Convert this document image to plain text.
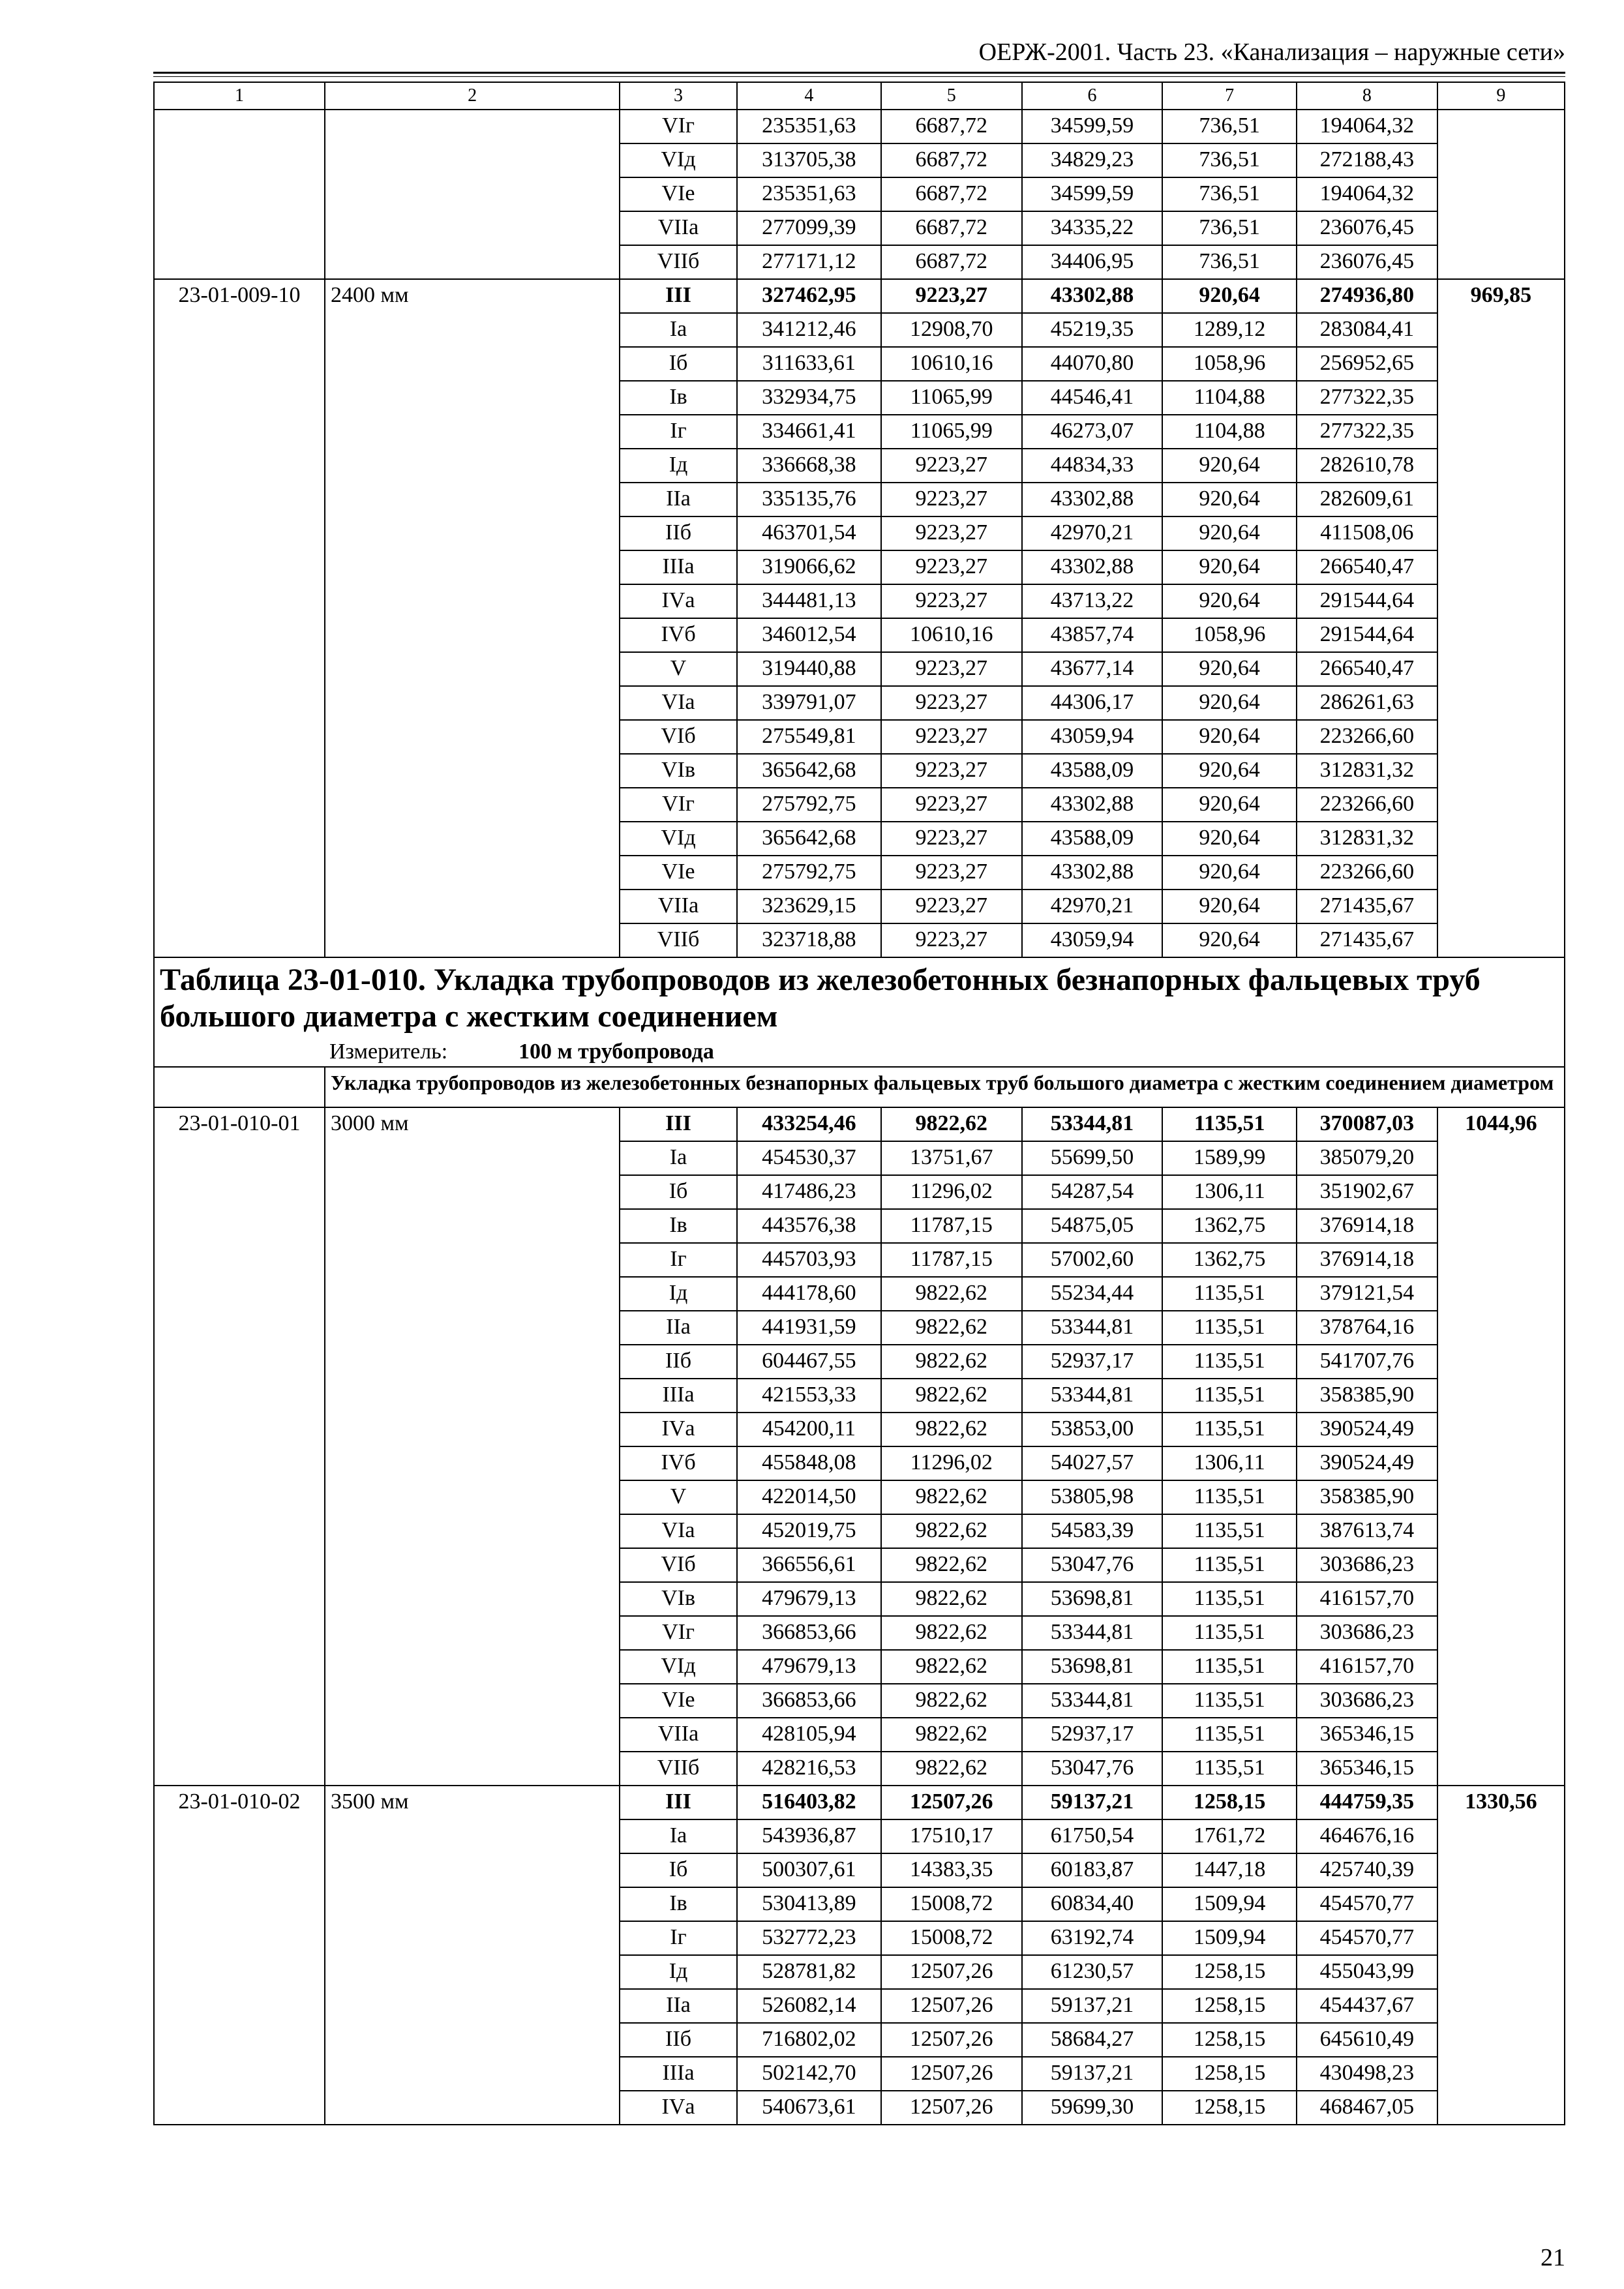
ОЕРЖ-2001. Часть 23. «Канализация – наружные сети»
1	2	3	4	5	6	7	8	9
		VIг	235351,63	6687,72	34599,59	736,51	194064,32	
		VIд	313705,38	6687,72	34829,23	736,51	272188,43	
		VIе	235351,63	6687,72	34599,59	736,51	194064,32	
		VIIа	277099,39	6687,72	34335,22	736,51	236076,45	
		VIIб	277171,12	6687,72	34406,95	736,51	236076,45	
23-01-009-10	2400 мм	III	327462,95	9223,27	43302,88	920,64	274936,80	969,85
		Iа	341212,46	12908,70	45219,35	1289,12	283084,41	
		Iб	311633,61	10610,16	44070,80	1058,96	256952,65	
		Iв	332934,75	11065,99	44546,41	1104,88	277322,35	
		Iг	334661,41	11065,99	46273,07	1104,88	277322,35	
		Iд	336668,38	9223,27	44834,33	920,64	282610,78	
		IIа	335135,76	9223,27	43302,88	920,64	282609,61	
		IIб	463701,54	9223,27	42970,21	920,64	411508,06	
		IIIа	319066,62	9223,27	43302,88	920,64	266540,47	
		IVа	344481,13	9223,27	43713,22	920,64	291544,64	
		IVб	346012,54	10610,16	43857,74	1058,96	291544,64	
		V	319440,88	9223,27	43677,14	920,64	266540,47	
		VIа	339791,07	9223,27	44306,17	920,64	286261,63	
		VIб	275549,81	9223,27	43059,94	920,64	223266,60	
		VIв	365642,68	9223,27	43588,09	920,64	312831,32	
		VIг	275792,75	9223,27	43302,88	920,64	223266,60	
		VIд	365642,68	9223,27	43588,09	920,64	312831,32	
		VIе	275792,75	9223,27	43302,88	920,64	223266,60	
		VIIа	323629,15	9223,27	42970,21	920,64	271435,67	
		VIIб	323718,88	9223,27	43059,94	920,64	271435,67	

Таблица 23-01-010. Укладка трубопроводов из железобетонных безнапорных фальцевых труб большого диаметра с жестким соединением
Измеритель: 100 м трубопровода								

	Укладка трубопроводов из железобетонных безнапорных фальцевых труб большого диаметра с жестким соединением диаметром							
23-01-010-01	3000 мм	III	433254,46	9822,62	53344,81	1135,51	370087,03	1044,96
		Iа	454530,37	13751,67	55699,50	1589,99	385079,20	
		Iб	417486,23	11296,02	54287,54	1306,11	351902,67	
		Iв	443576,38	11787,15	54875,05	1362,75	376914,18	
		Iг	445703,93	11787,15	57002,60	1362,75	376914,18	
		Iд	444178,60	9822,62	55234,44	1135,51	379121,54	
		IIа	441931,59	9822,62	53344,81	1135,51	378764,16	
		IIб	604467,55	9822,62	52937,17	1135,51	541707,76	
		IIIа	421553,33	9822,62	53344,81	1135,51	358385,90	
		IVа	454200,11	9822,62	53853,00	1135,51	390524,49	
		IVб	455848,08	11296,02	54027,57	1306,11	390524,49	
		V	422014,50	9822,62	53805,98	1135,51	358385,90	
		VIа	452019,75	9822,62	54583,39	1135,51	387613,74	
		VIб	366556,61	9822,62	53047,76	1135,51	303686,23	
		VIв	479679,13	9822,62	53698,81	1135,51	416157,70	
		VIг	366853,66	9822,62	53344,81	1135,51	303686,23	
		VIд	479679,13	9822,62	53698,81	1135,51	416157,70	
		VIе	366853,66	9822,62	53344,81	1135,51	303686,23	
		VIIа	428105,94	9822,62	52937,17	1135,51	365346,15	
		VIIб	428216,53	9822,62	53047,76	1135,51	365346,15	
23-01-010-02	3500 мм	III	516403,82	12507,26	59137,21	1258,15	444759,35	1330,56
		Iа	543936,87	17510,17	61750,54	1761,72	464676,16	
		Iб	500307,61	14383,35	60183,87	1447,18	425740,39	
		Iв	530413,89	15008,72	60834,40	1509,94	454570,77	
		Iг	532772,23	15008,72	63192,74	1509,94	454570,77	
		Iд	528781,82	12507,26	61230,57	1258,15	455043,99	
		IIа	526082,14	12507,26	59137,21	1258,15	454437,67	
		IIб	716802,02	12507,26	58684,27	1258,15	645610,49	
		IIIа	502142,70	12507,26	59137,21	1258,15	430498,23	
		IVа	540673,61	12507,26	59699,30	1258,15	468467,05	
21
